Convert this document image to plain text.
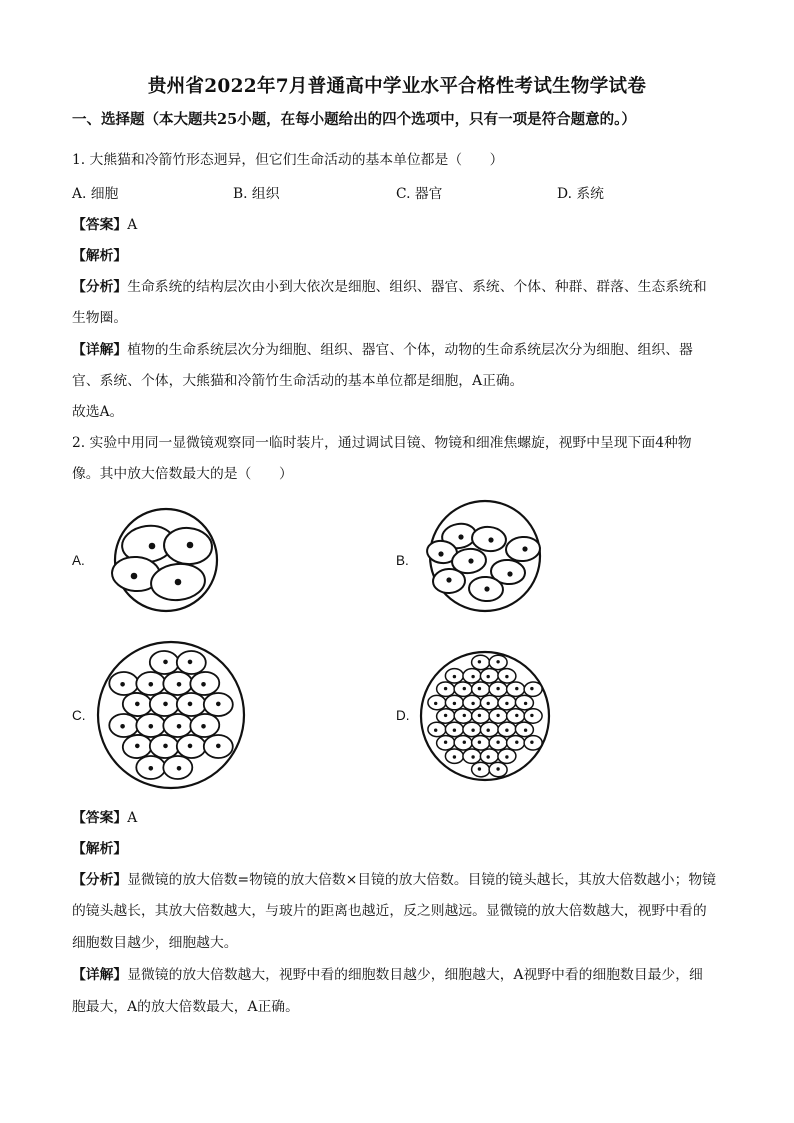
贵州省2022年7月普通高中学业水平合格性考试生物学试卷
一、选择题（本大题共25小题，在每小题给出的四个选项中，只有一项是符合题意的。）
1. 大熊猫和冷箭竹形态迥异，但它们生命活动的基本单位都是（　　）
A. 细胞	B. 组织	C. 器官	D. 系统
【答案】A
【解析】
【分析】生命系统的结构层次由小到大依次是细胞、组织、器官、系统、个体、种群、群落、生态系统和
生物圈。
【详解】植物的生命系统层次分为细胞、组织、器官、个体，动物的生命系统层次分为细胞、组织、器
官、系统、个体，大熊猫和冷箭竹生命活动的基本单位都是细胞，A正确。
故选A。
2. 实验中用同一显微镜观察同一临时装片，通过调试目镜、物镜和细准焦螺旋，视野中呈现下面4种物
像。其中放大倍数最大的是（　　）
A.	B.
C.	D.
【答案】A
【解析】
【分析】显微镜的放大倍数=物镜的放大倍数×目镜的放大倍数。目镜的镜头越长，其放大倍数越小；物镜
的镜头越长，其放大倍数越大，与玻片的距离也越近，反之则越远。显微镜的放大倍数越大，视野中看的
细胞数目越少，细胞越大。
【详解】显微镜的放大倍数越大，视野中看的细胞数目越少，细胞越大，A视野中看的细胞数目最少，细
胞最大，A的放大倍数最大，A正确。
